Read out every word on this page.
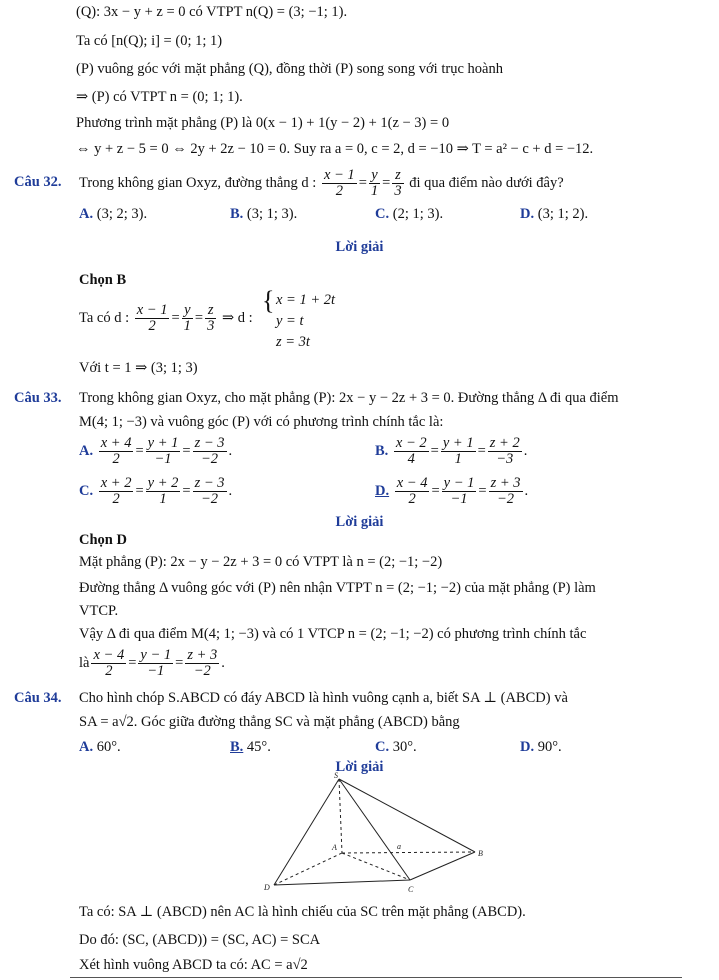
(Q): 3x − y + z = 0 có VTPT n(Q) = (3; −1; 1).
Ta có [n(Q); i] = (0; 1; 1)
(P) vuông góc với mặt phẳng (Q), đồng thời (P) song song với trục hoành
⇒ (P) có VTPT n = (0; 1; 1).
Phương trình mặt phẳng (P) là 0(x − 1) + 1(y − 2) + 1(z − 3) = 0
⇔ y + z − 5 = 0 ⇔ 2y + 2z − 10 = 0. Suy ra a = 0, c = 2, d = −10 ⇒ T = a² − c + d = −12.
Câu 32. Trong không gian Oxyz, đường thẳng d : $\frac{x - 1}{2} = \frac{y}{1} = \frac{z}{3}$ đi qua điểm nào dưới đây?
A. (3; 2; 3).	B. (3; 1; 3).	C. (2; 1; 3).	D. (3; 1; 2).
Lời giải
Chọn B
Ta có d : $\frac{x - 1}{2} = \frac{y}{1} = \frac{z}{3}$ ⇒ d :
{ x = 1 + 2t
y = t
z = 3t
Với t = 1 ⇒ (3; 1; 3)
Câu 33. Trong không gian Oxyz, cho mặt phẳng (P): 2x − y − 2z + 3 = 0. Đường thẳng Δ đi qua điểm
M(4; 1; −3) và vuông góc (P) với có phương trình chính tắc là:
A. $\frac{x + 4}{2} = \frac{y + 1}{-1} = \frac{z - 3}{-2}$ .	B. $\frac{x - 2}{4} = \frac{y + 1}{1} = \frac{z + 2}{-3}$ .
C. $\frac{x + 2}{2} = \frac{y + 2}{1} = \frac{z - 3}{-2}$ .	D. $\frac{x - 4}{2} = \frac{y - 1}{-1} = \frac{z + 3}{-2}$ .
Lời giải
Chọn D
Mặt phẳng (P): 2x − y − 2z + 3 = 0 có VTPT là n = (2; −1; −2)
Đường thẳng Δ vuông góc với (P) nên nhận VTPT n = (2; −1; −2) của mặt phẳng (P) làm
VTCP.
Vậy Δ đi qua điểm M(4; 1; −3) và có 1 VTCP n = (2; −1; −2) có phương trình chính tắc
là $\frac{x - 4}{2} = \frac{y - 1}{-1} = \frac{z + 3}{-2}$ .
Câu 34. Cho hình chóp S.ABCD có đáy ABCD là hình vuông cạnh a, biết SA ⊥ (ABCD) và
SA = a√2. Góc giữa đường thẳng SC và mặt phẳng (ABCD) bằng
A. 60°.	B. 45°.	C. 30°.	D. 90°.
Lời giải
S
A
B
C
D
a
Ta có: SA ⊥ (ABCD) nên AC là hình chiếu của SC trên mặt phẳng (ABCD).
Do đó: (SC, (ABCD)) = (SC, AC) = SCA
Xét hình vuông ABCD ta có: AC = a√2
